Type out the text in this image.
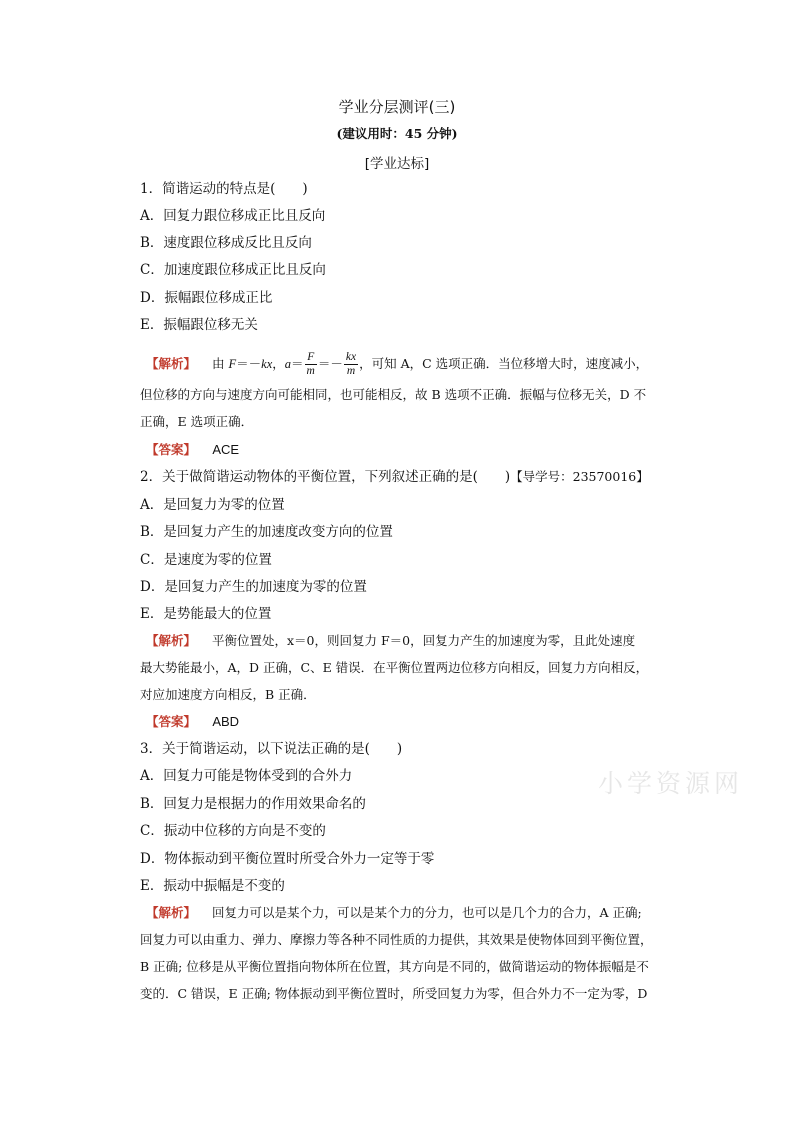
学业分层测评(三)
(建议用时：45 分钟)
[学业达标]
1．简谐运动的特点是(　　)
A．回复力跟位移成正比且反向
B．速度跟位移成反比且反向
C．加速度跟位移成正比且反向
D．振幅跟位移成正比
E．振幅跟位移无关
【解析】 由 F＝－kx，$a= \frac{F}{m} =- \frac{kx}{m}$ ，可知 A，C 选项正确．当位移增大时，速度减小，
但位移的方向与速度方向可能相同，也可能相反，故 B 选项不正确．振幅与位移无关，D 不
正确，E 选项正确．
【答案】 ACE
2．关于做简谐运动物体的平衡位置，下列叙述正确的是(　　)【导学号：23570016】
A．是回复力为零的位置
B．是回复力产生的加速度改变方向的位置
C．是速度为零的位置
D．是回复力产生的加速度为零的位置
E．是势能最大的位置
【解析】 平衡位置处，x＝0，则回复力 F＝0，回复力产生的加速度为零，且此处速度
最大势能最小，A，D 正确，C、E 错误．在平衡位置两边位移方向相反，回复力方向相反，
对应加速度方向相反，B 正确．
【答案】 ABD
3．关于简谐运动，以下说法正确的是(　　)
A．回复力可能是物体受到的合外力
B．回复力是根据力的作用效果命名的
C．振动中位移的方向是不变的
D．物体振动到平衡位置时所受合外力一定等于零
E．振动中振幅是不变的
【解析】 回复力可以是某个力，可以是某个力的分力，也可以是几个力的合力，A 正确;
回复力可以由重力、弹力、摩擦力等各种不同性质的力提供，其效果是使物体回到平衡位置，
B 正确; 位移是从平衡位置指向物体所在位置，其方向是不同的，做简谐运动的物体振幅是不
变的．C 错误，E 正确; 物体振动到平衡位置时，所受回复力为零，但合外力不一定为零，D
小学资源网
